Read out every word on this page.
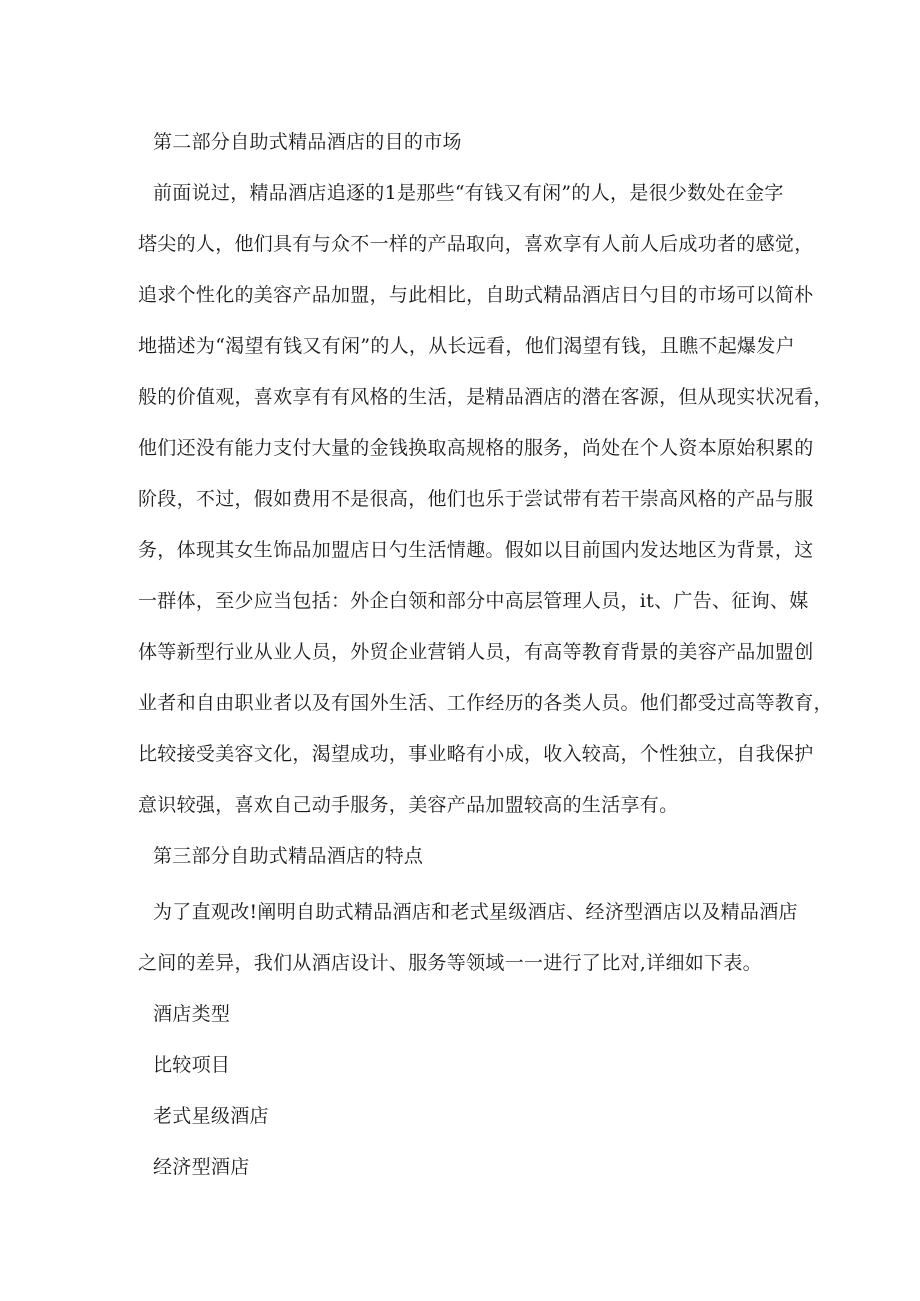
第二部分自助式精品酒店的目的市场
前面说过，精品酒店追逐的1是那些“有钱又有闲”的人，是很少数处在金字
塔尖的人，他们具有与众不一样的产品取向，喜欢享有人前人后成功者的感觉，
追求个性化的美容产品加盟，与此相比，自助式精品酒店日勺目的市场可以简朴
地描述为“渴望有钱又有闲”的人，从长远看，他们渴望有钱，且瞧不起爆发户
般的价值观，喜欢享有有风格的生活，是精品酒店的潜在客源，但从现实状况看，
他们还没有能力支付大量的金钱换取高规格的服务，尚处在个人资本原始积累的
阶段，不过，假如费用不是很高，他们也乐于尝试带有若干崇高风格的产品与服
务，体现其女生饰品加盟店日勺生活情趣。假如以目前国内发达地区为背景，这
一群体，至少应当包括：外企白领和部分中高层管理人员，it、广告、征询、媒
体等新型行业从业人员，外贸企业营销人员，有高等教育背景的美容产品加盟创
业者和自由职业者以及有国外生活、工作经历的各类人员。他们都受过高等教育，
比较接受美容文化，渴望成功，事业略有小成，收入较高，个性独立，自我保护
意识较强，喜欢自己动手服务，美容产品加盟较高的生活享有。
第三部分自助式精品酒店的特点
为了直观改!阐明自助式精品酒店和老式星级酒店、经济型酒店以及精品酒店
之间的差异，我们从酒店设计、服务等领域一一进行了比对,详细如下表。
酒店类型
比较项目
老式星级酒店
经济型酒店
